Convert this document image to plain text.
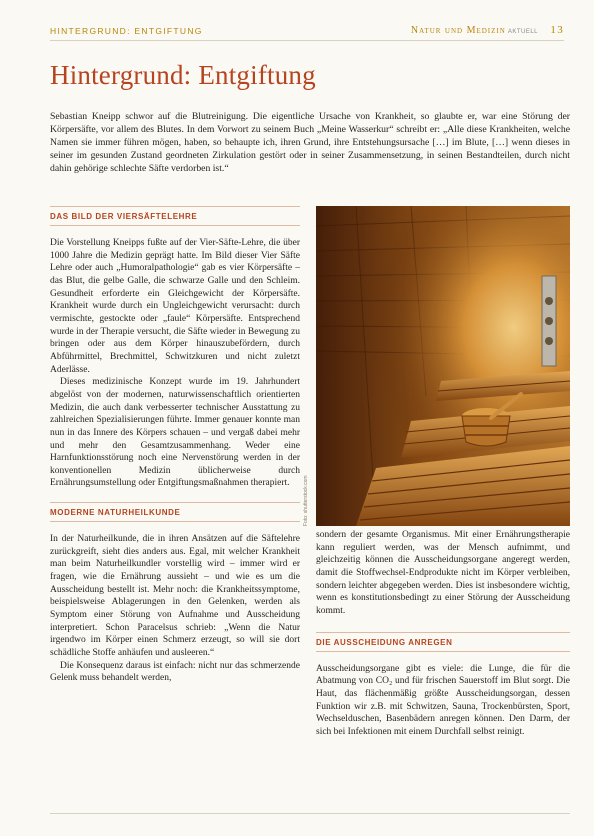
HINTERGRUND: ENTGIFTUNG	Natur und Medizin AKTUELL 13
Hintergrund: Entgiftung

Sebastian Kneipp schwor auf die Blutreinigung. Die eigentliche Ursache von Krankheit, so glaubte er, war eine Störung der Körpersäfte, vor allem des Blutes. In dem Vorwort zu seinem Buch „Meine Wasserkur“ schreibt er: „Alle diese Krankheiten, welche Namen sie immer führen mögen, haben, so behaupte ich, ihren Grund, ihre Entstehungsursache […] im Blute, […] wenn dieses in seiner im gesunden Zustand geordneten Zirkulation gestört oder in seiner Zusammensetzung, in seinen Bestandteilen, durch nicht dahin gehörige schlechte Säfte verdorben ist.“

DAS BILD DER VIERSÄFTELEHRE

Die Vorstellung Kneipps fußte auf der Vier-Säfte-Lehre, die über 1000 Jahre die Medizin geprägt hatte. Im Bild dieser Vier Säfte Lehre oder auch „Humoralpathologie“ gab es vier Körpersäfte – das Blut, die gelbe Galle, die schwarze Galle und den Schleim. Gesundheit erforderte ein Gleichgewicht der Körpersäfte. Krankheit wurde durch ein Ungleichgewicht verursacht: durch vermischte, gestockte oder „faule“ Körpersäfte. Entsprechend wurde in der Therapie versucht, die Säfte wieder in Bewegung zu bringen oder aus dem Körper hinauszubefördern, durch Abführmittel, Brechmittel, Schwitzkuren und nicht zuletzt Aderlässe.

Dieses medizinische Konzept wurde im 19. Jahrhundert abgelöst von der modernen, naturwissenschaftlich orientierten Medizin, die auch dank verbesserter technischer Ausstattung zu zahlreichen Spezialisierungen führte. Immer genauer konnte man nun in das Innere des Körpers schauen – und vergaß dabei mehr und mehr den Gesamtzusammenhang. Weder eine Harnfunktionsstörung noch eine Nervenstörung werden in der konventionellen Medizin üblicherweise durch Ernährungsumstellung oder Entgiftungsmaßnahmen therapiert.

MODERNE NATURHEILKUNDE

In der Naturheilkunde, die in ihren Ansätzen auf die Säftelehre zurückgreift, sieht dies anders aus. Egal, mit welcher Krankheit man beim Naturheilkundler vorstellig wird – immer wird er fragen, wie die Ernährung aussieht – und wie es um die Ausscheidung bestellt ist. Mehr noch: die Krankheitssymptome, beispielsweise Ablagerungen in den Gelenken, werden als Symptom einer Störung von Aufnahme und Ausscheidung interpretiert. Schon Paracelsus schrieb: „Wenn die Natur irgendwo im Körper einen Schmerz erzeugt, so will sie dort schädliche Stoffe anhäufen und ausleeren.“

Die Konsequenz daraus ist einfach: nicht nur das schmerzende Gelenk muss behandelt werden,

Foto: shutterstock.com

sondern der gesamte Organismus. Mit einer Ernährungstherapie kann reguliert werden, was der Mensch aufnimmt, und gleichzeitig können die Ausscheidungsorgane angeregt werden, damit die Stoffwechsel-Endprodukte nicht im Körper verbleiben, sondern leichter abgegeben werden. Dies ist insbesondere wichtig, wenn es konstitutionsbedingt zu einer Störung der Ausscheidung kommt.

DIE AUSSCHEIDUNG ANREGEN

Ausscheidungsorgane gibt es viele: die Lunge, die für die Abatmung von CO₂ und für frischen Sauerstoff im Blut sorgt. Die Haut, das flächenmäßig größte Ausscheidungsorgan, dessen Funktion wir z.B. mit Schwitzen, Sauna, Trockenbürsten, Sport, Wechselduschen, Basenbädern anregen können. Den Darm, der sich bei Infektionen mit einem Durchfall selbst reinigt.
